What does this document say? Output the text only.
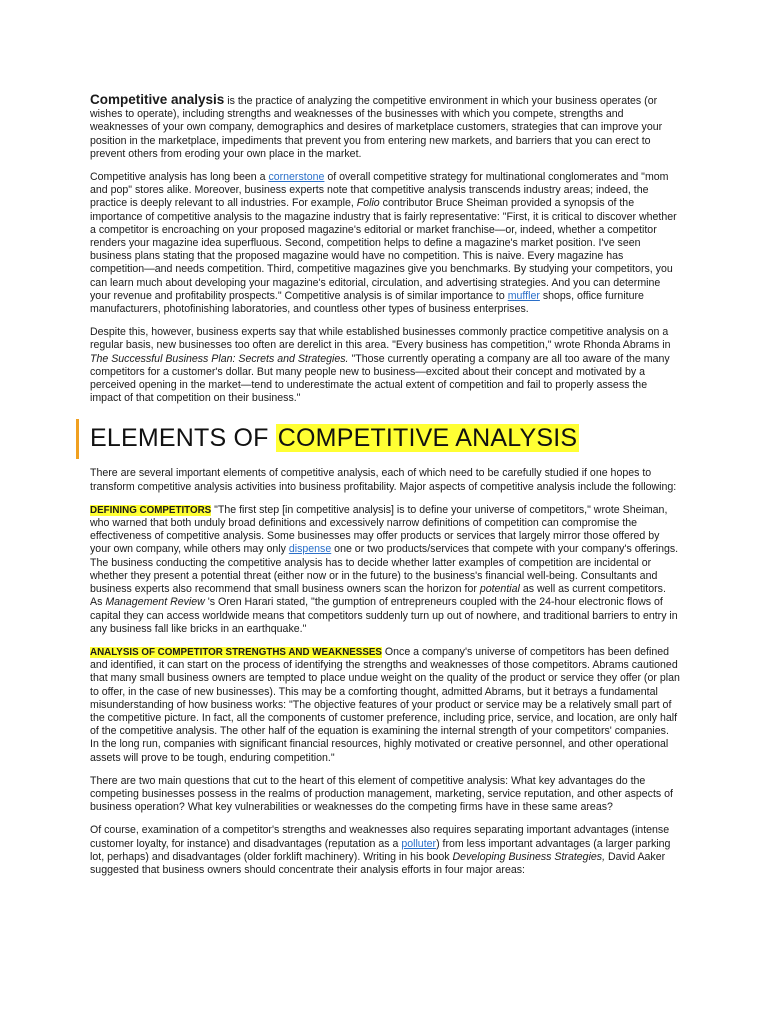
Competitive analysis is the practice of analyzing the competitive environment in which your business operates (or wishes to operate), including strengths and weaknesses of the businesses with which you compete, strengths and weaknesses of your own company, demographics and desires of marketplace customers, strategies that can improve your position in the marketplace, impediments that prevent you from entering new markets, and barriers that you can erect to prevent others from eroding your own place in the market.

Competitive analysis has long been a cornerstone of overall competitive strategy for multinational conglomerates and "mom and pop" stores alike. Moreover, business experts note that competitive analysis transcends industry areas; indeed, the practice is deeply relevant to all industries. For example, Folio contributor Bruce Sheiman provided a synopsis of the importance of competitive analysis to the magazine industry that is fairly representative: "First, it is critical to discover whether a competitor is encroaching on your proposed magazine's editorial or market franchise—or, indeed, whether a competitor renders your magazine idea superfluous. Second, competition helps to define a magazine's market position. I've seen business plans stating that the proposed magazine would have no competition. This is naive. Every magazine has competition—and needs competition. Third, competitive magazines give you benchmarks. By studying your competitors, you can learn much about developing your magazine's editorial, circulation, and advertising strategies. And you can determine your revenue and profitability prospects." Competitive analysis is of similar importance to muffler shops, office furniture manufacturers, photofinishing laboratories, and countless other types of business enterprises.

Despite this, however, business experts say that while established businesses commonly practice competitive analysis on a regular basis, new businesses too often are derelict in this area. "Every business has competition," wrote Rhonda Abrams in The Successful Business Plan: Secrets and Strategies. "Those currently operating a company are all too aware of the many competitors for a customer's dollar. But many people new to business—excited about their concept and motivated by a perceived opening in the market—tend to underestimate the actual extent of competition and fail to properly assess the impact of that competition on their business."

ELEMENTS OF COMPETITIVE ANALYSIS

There are several important elements of competitive analysis, each of which need to be carefully studied if one hopes to transform competitive analysis activities into business profitability. Major aspects of competitive analysis include the following:

DEFINING COMPETITORS "The first step [in competitive analysis] is to define your universe of competitors," wrote Sheiman, who warned that both unduly broad definitions and excessively narrow definitions of competition can compromise the effectiveness of competitive analysis. Some businesses may offer products or services that largely mirror those offered by your own company, while others may only dispense one or two products/services that compete with your company's offerings. The business conducting the competitive analysis has to decide whether latter examples of competition are incidental or whether they present a potential threat (either now or in the future) to the business's financial well-being. Consultants and business experts also recommend that small business owners scan the horizon for potential as well as current competitors. As Management Review 's Oren Harari stated, "the gumption of entrepreneurs coupled with the 24-hour electronic flows of capital they can access worldwide means that competitors suddenly turn up out of nowhere, and traditional barriers to entry in any business fall like bricks in an earthquake."

ANALYSIS OF COMPETITOR STRENGTHS AND WEAKNESSES Once a company's universe of competitors has been defined and identified, it can start on the process of identifying the strengths and weaknesses of those competitors. Abrams cautioned that many small business owners are tempted to place undue weight on the quality of the product or service they offer (or plan to offer, in the case of new businesses). This may be a comforting thought, admitted Abrams, but it betrays a fundamental misunderstanding of how business works: "The objective features of your product or service may be a relatively small part of the competitive picture. In fact, all the components of customer preference, including price, service, and location, are only half of the competitive analysis. The other half of the equation is examining the internal strength of your competitors' companies. In the long run, companies with significant financial resources, highly motivated or creative personnel, and other operational assets will prove to be tough, enduring competition."

There are two main questions that cut to the heart of this element of competitive analysis: What key advantages do the competing businesses possess in the realms of production management, marketing, service reputation, and other aspects of business operation? What key vulnerabilities or weaknesses do the competing firms have in these same areas?

Of course, examination of a competitor's strengths and weaknesses also requires separating important advantages (intense customer loyalty, for instance) and disadvantages (reputation as a polluter) from less important advantages (a larger parking lot, perhaps) and disadvantages (older forklift machinery). Writing in his book Developing Business Strategies, David Aaker suggested that business owners should concentrate their analysis efforts in four major areas:
